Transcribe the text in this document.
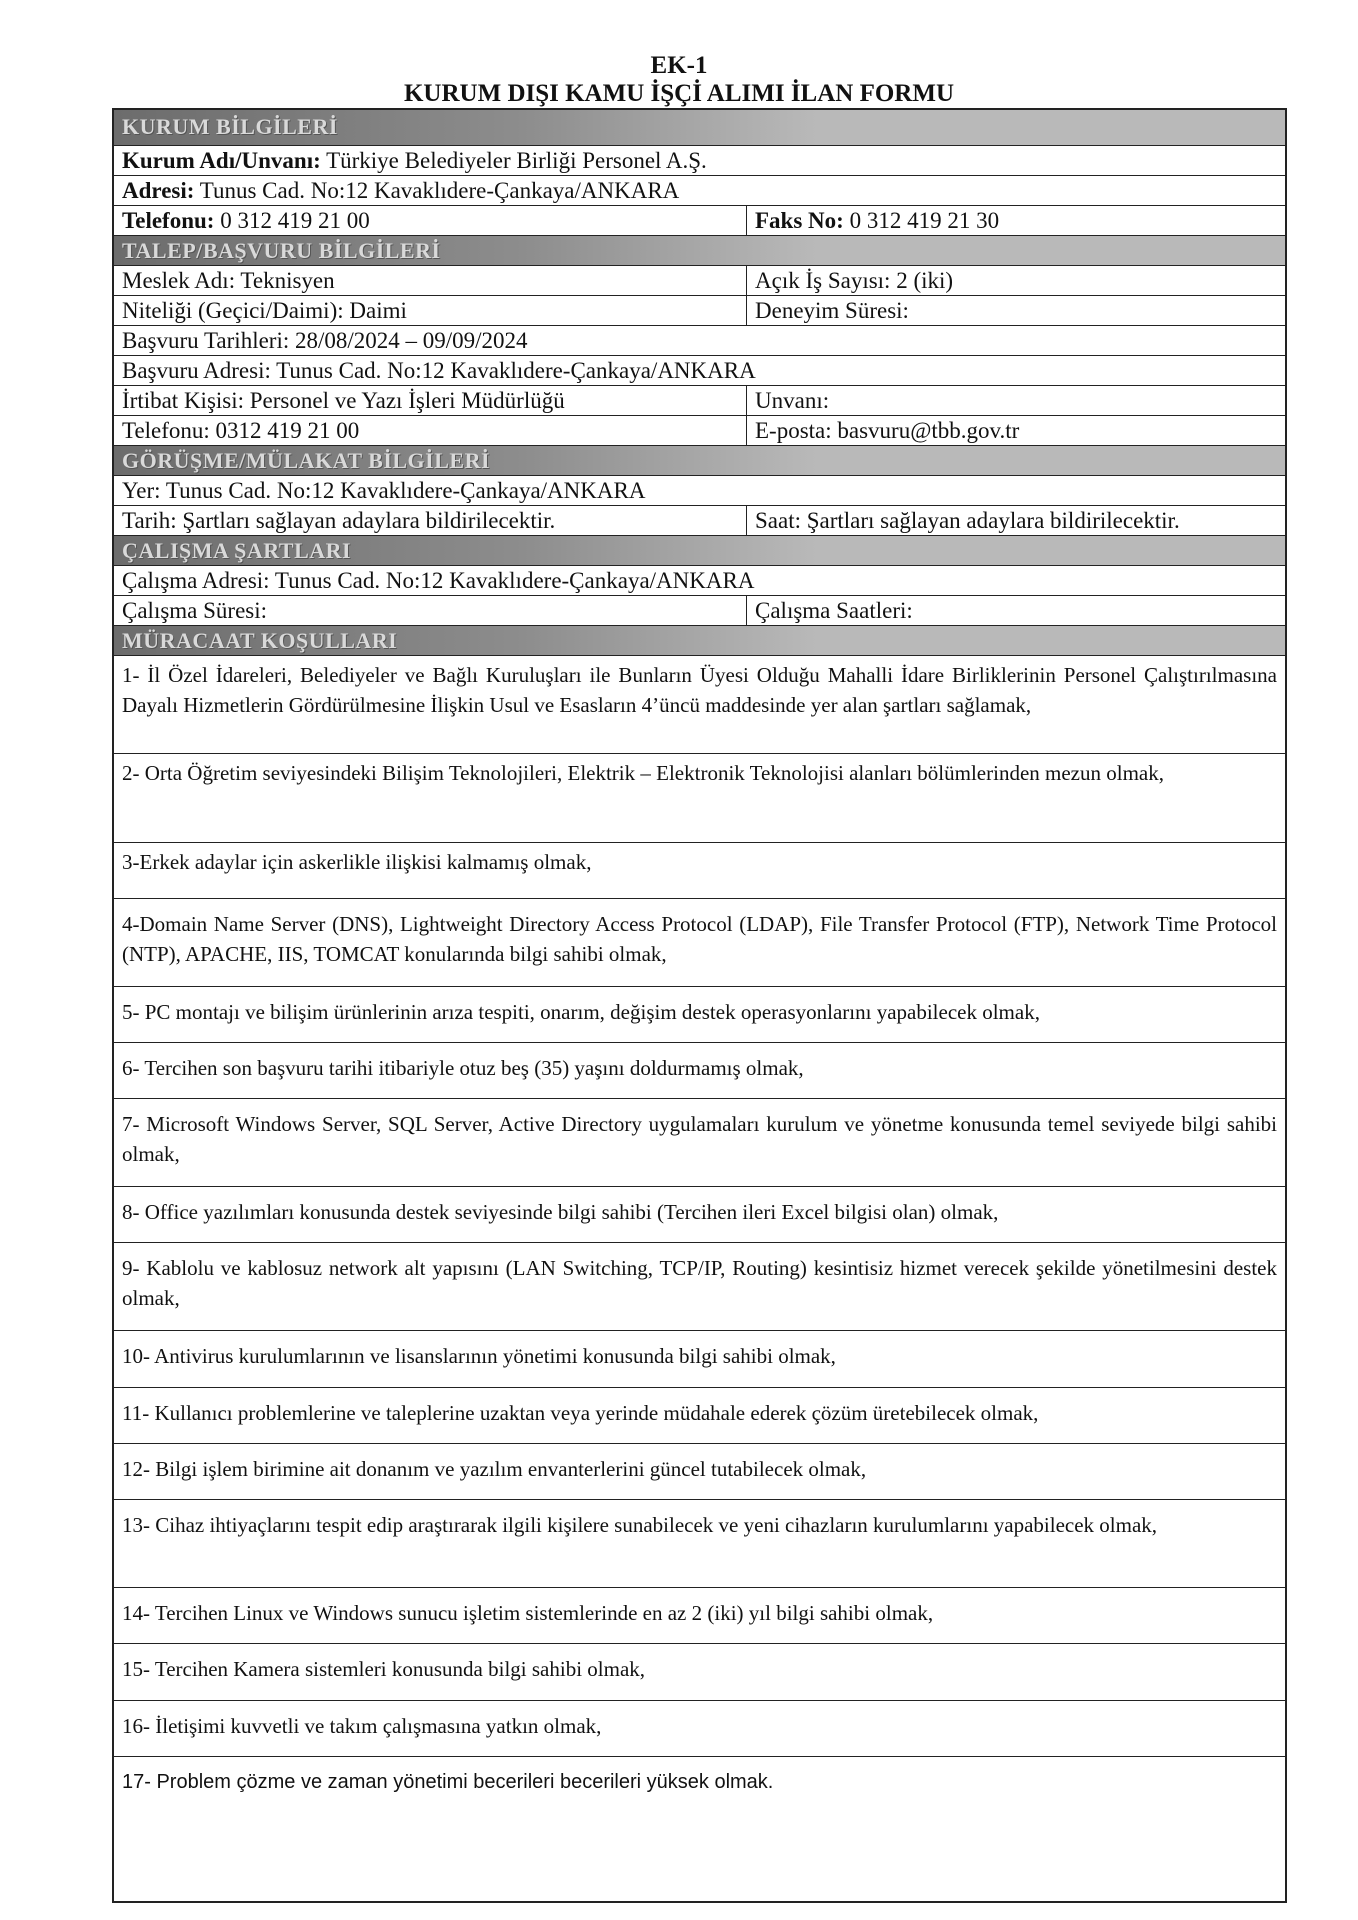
EK-1
KURUM DIŞI KAMU İŞÇİ ALIMI İLAN FORMU
KURUM BİLGİLERİ
Kurum Adı/Unvanı: Türkiye Belediyeler Birliği Personel A.Ş.
Adresi: Tunus Cad. No:12 Kavaklıdere-Çankaya/ANKARA
Telefonu: 0 312 419 21 00	Faks No: 0 312 419 21 30
TALEP/BAŞVURU BİLGİLERİ
Meslek Adı: Teknisyen	Açık İş Sayısı: 2 (iki)
Niteliği (Geçici/Daimi): Daimi	Deneyim Süresi:
Başvuru Tarihleri: 28/08/2024 – 09/09/2024
Başvuru Adresi: Tunus Cad. No:12 Kavaklıdere-Çankaya/ANKARA
İrtibat Kişisi: Personel ve Yazı İşleri Müdürlüğü	Unvanı:
Telefonu: 0312 419 21 00	E-posta: basvuru@tbb.gov.tr
GÖRÜŞME/MÜLAKAT BİLGİLERİ
Yer: Tunus Cad. No:12 Kavaklıdere-Çankaya/ANKARA
Tarih: Şartları sağlayan adaylara bildirilecektir.	Saat: Şartları sağlayan adaylara bildirilecektir.
ÇALIŞMA ŞARTLARI
Çalışma Adresi: Tunus Cad. No:12 Kavaklıdere-Çankaya/ANKARA
Çalışma Süresi:	Çalışma Saatleri:
MÜRACAAT KOŞULLARI
1- İl Özel İdareleri, Belediyeler ve Bağlı Kuruluşları ile Bunların Üyesi Olduğu Mahalli İdare Birliklerinin Personel Çalıştırılmasına Dayalı Hizmetlerin Gördürülmesine İlişkin Usul ve Esasların 4’üncü maddesinde yer alan şartları sağlamak,
2- Orta Öğretim seviyesindeki Bilişim Teknolojileri, Elektrik – Elektronik Teknolojisi alanları bölümlerinden mezun olmak,
3-Erkek adaylar için askerlikle ilişkisi kalmamış olmak,
4-Domain Name Server (DNS), Lightweight Directory Access Protocol (LDAP), File Transfer Protocol (FTP), Network Time Protocol (NTP), APACHE, IIS, TOMCAT konularında bilgi sahibi olmak,
5- PC montajı ve bilişim ürünlerinin arıza tespiti, onarım, değişim destek operasyonlarını yapabilecek olmak,
6- Tercihen son başvuru tarihi itibariyle otuz beş (35) yaşını doldurmamış olmak,
7- Microsoft Windows Server, SQL Server, Active Directory uygulamaları kurulum ve yönetme konusunda temel seviyede bilgi sahibi olmak,
8- Office yazılımları konusunda destek seviyesinde bilgi sahibi (Tercihen ileri Excel bilgisi olan) olmak,
9- Kablolu ve kablosuz network alt yapısını (LAN Switching, TCP/IP, Routing) kesintisiz hizmet verecek şekilde yönetilmesini destek olmak,
10- Antivirus kurulumlarının ve lisanslarının yönetimi konusunda bilgi sahibi olmak,
11- Kullanıcı problemlerine ve taleplerine uzaktan veya yerinde müdahale ederek çözüm üretebilecek olmak,
12- Bilgi işlem birimine ait donanım ve yazılım envanterlerini güncel tutabilecek olmak,
13- Cihaz ihtiyaçlarını tespit edip araştırarak ilgili kişilere sunabilecek ve yeni cihazların kurulumlarını yapabilecek olmak,
14- Tercihen Linux ve Windows sunucu işletim sistemlerinde en az 2 (iki) yıl bilgi sahibi olmak,
15- Tercihen Kamera sistemleri konusunda bilgi sahibi olmak,
16- İletişimi kuvvetli ve takım çalışmasına yatkın olmak,
17- Problem çözme ve zaman yönetimi becerileri becerileri yüksek olmak.
